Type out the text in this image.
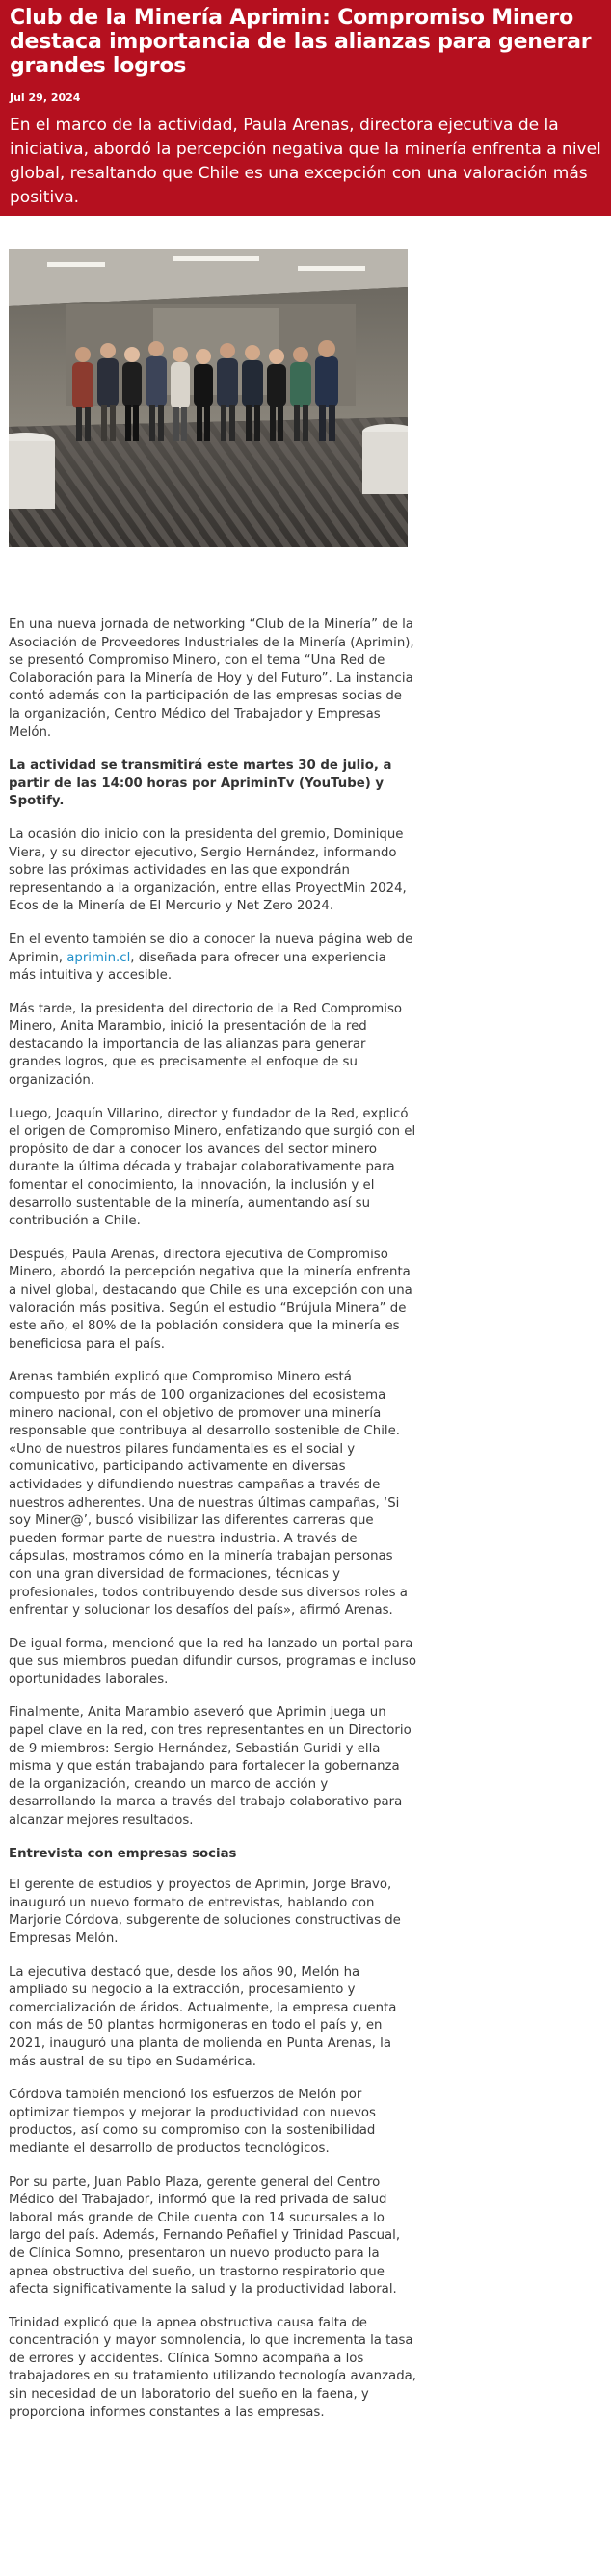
Club de la Minería Aprimin: Compromiso Minero destaca importancia de las alianzas para generar grandes logros
Jul 29, 2024

En el marco de la actividad, Paula Arenas, directora ejecutiva de la iniciativa, abordó la percepción negativa que la minería enfrenta a nivel global, resaltando que Chile es una excepción con una valoración más positiva.

En una nueva jornada de networking “Club de la Minería” de la Asociación de Proveedores Industriales de la Minería (Aprimin), se presentó Compromiso Minero, con el tema “Una Red de Colaboración para la Minería de Hoy y del Futuro”. La instancia contó además con la participación de las empresas socias de la organización, Centro Médico del Trabajador y Empresas Melón.

La actividad se transmitirá este martes 30 de julio, a partir de las 14:00 horas por ApriminTv (YouTube) y Spotify.

La ocasión dio inicio con la presidenta del gremio, Dominique Viera, y su director ejecutivo, Sergio Hernández, informando sobre las próximas actividades en las que expondrán representando a la organización, entre ellas ProyectMin 2024, Ecos de la Minería de El Mercurio y Net Zero 2024.

En el evento también se dio a conocer la nueva página web de Aprimin, aprimin.cl, diseñada para ofrecer una experiencia más intuitiva y accesible.

Más tarde, la presidenta del directorio de la Red Compromiso Minero, Anita Marambio, inició la presentación de la red destacando la importancia de las alianzas para generar grandes logros, que es precisamente el enfoque de su organización.

Luego, Joaquín Villarino, director y fundador de la Red, explicó el origen de Compromiso Minero, enfatizando que surgió con el propósito de dar a conocer los avances del sector minero durante la última década y trabajar colaborativamente para fomentar el conocimiento, la innovación, la inclusión y el desarrollo sustentable de la minería, aumentando así su contribución a Chile.

Después, Paula Arenas, directora ejecutiva de Compromiso Minero, abordó la percepción negativa que la minería enfrenta a nivel global, destacando que Chile es una excepción con una valoración más positiva. Según el estudio “Brújula Minera” de este año, el 80% de la población considera que la minería es beneficiosa para el país.

Arenas también explicó que Compromiso Minero está compuesto por más de 100 organizaciones del ecosistema minero nacional, con el objetivo de promover una minería responsable que contribuya al desarrollo sostenible de Chile. «Uno de nuestros pilares fundamentales es el social y comunicativo, participando activamente en diversas actividades y difundiendo nuestras campañas a través de nuestros adherentes. Una de nuestras últimas campañas, ‘Si soy Miner@’, buscó visibilizar las diferentes carreras que pueden formar parte de nuestra industria. A través de cápsulas, mostramos cómo en la minería trabajan personas con una gran diversidad de formaciones, técnicas y profesionales, todos contribuyendo desde sus diversos roles a enfrentar y solucionar los desafíos del país», afirmó Arenas.

De igual forma, mencionó que la red ha lanzado un portal para que sus miembros puedan difundir cursos, programas e incluso oportunidades laborales.

Finalmente, Anita Marambio aseveró que Aprimin juega un papel clave en la red, con tres representantes en un Directorio de 9 miembros: Sergio Hernández, Sebastián Guridi y ella misma y que están trabajando para fortalecer la gobernanza de la organización, creando un marco de acción y desarrollando la marca a través del trabajo colaborativo para alcanzar mejores resultados.

Entrevista con empresas socias

El gerente de estudios y proyectos de Aprimin, Jorge Bravo, inauguró un nuevo formato de entrevistas, hablando con Marjorie Córdova, subgerente de soluciones constructivas de Empresas Melón.

La ejecutiva destacó que, desde los años 90, Melón ha ampliado su negocio a la extracción, procesamiento y comercialización de áridos. Actualmente, la empresa cuenta con más de 50 plantas hormigoneras en todo el país y, en 2021, inauguró una planta de molienda en Punta Arenas, la más austral de su tipo en Sudamérica.

Córdova también mencionó los esfuerzos de Melón por optimizar tiempos y mejorar la productividad con nuevos productos, así como su compromiso con la sostenibilidad mediante el desarrollo de productos tecnológicos.

Por su parte, Juan Pablo Plaza, gerente general del Centro Médico del Trabajador, informó que la red privada de salud laboral más grande de Chile cuenta con 14 sucursales a lo largo del país. Además, Fernando Peñafiel y Trinidad Pascual, de Clínica Somno, presentaron un nuevo producto para la apnea obstructiva del sueño, un trastorno respiratorio que afecta significativamente la salud y la productividad laboral.

Trinidad explicó que la apnea obstructiva causa falta de concentración y mayor somnolencia, lo que incrementa la tasa de errores y accidentes. Clínica Somno acompaña a los trabajadores en su tratamiento utilizando tecnología avanzada, sin necesidad de un laboratorio del sueño en la faena, y proporciona informes constantes a las empresas.
